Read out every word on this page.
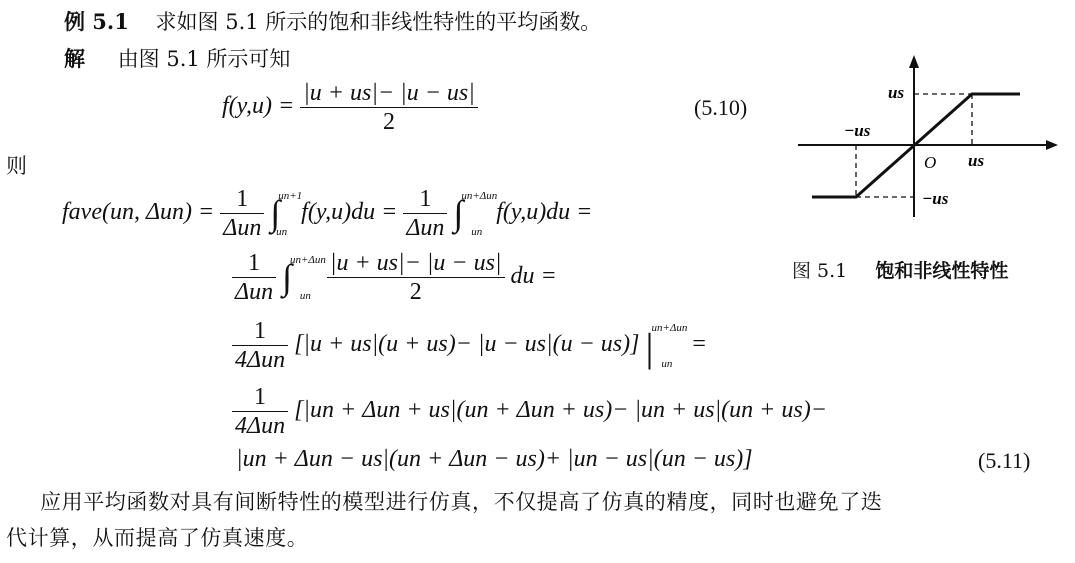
例 5.1 求如图 5.1 所示的饱和非线性特性的平均函数。
解 由图 5.1 所示可知
$f(y,u) = \frac{|u + us|- |u - us|}{2}$	(5.10)
则
fave(un, $\Delta un) = \frac{1}{\text{Δun}} \int^{un+1}_{un}$ $f(y,u)du = \frac{1}{\text{Δun}} \int^{un+\Delta un}_{un}$ f(y,u)du =
$\frac{1}{\text{Δun}} \int^{un+\Delta un}_{un} \frac{|u + us|- |u - us|}{2}$ du =
$\frac{1}{\text{4Δun}} [|u + us|(u + us)- |u - us|(u - us)] |^{un+\Delta un}_{un}$ =
$\frac{1}{\text{4Δun}} [|un + \Delta un + us|(un + \Delta un + us)- |un + us|(un + us)-$
|un + Δun − us|(un + Δun − us)+ |un − us|(un − us)]	(5.11)
us
−us
O us
−us
图 5.1 饱和非线性特性
应用平均函数对具有间断特性的模型进行仿真，不仅提高了仿真的精度，同时也避免了迭
代计算，从而提高了仿真速度。
